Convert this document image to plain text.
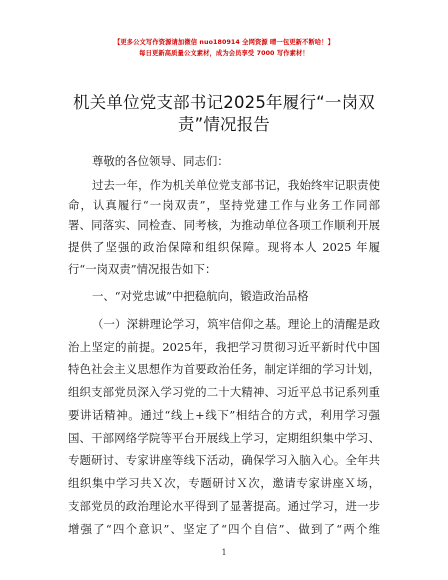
【更多公文写作资源请加微信 nuo180914 全网资源 晴一包更新不断哈！】
每日更新高质量公文素材，成为会员享受 7000 写作素材！
机关单位党支部书记2025年履行“一岗双
责”情况报告
尊敬的各位领导、同志们：
过去一年，作为机关单位党支部书记，我始终牢记职责使
命，认真履行“一岗双责”，坚持党建工作与业务工作同部
署、同落实、同检查、同考核，为推动单位各项工作顺利开展
提供了坚强的政治保障和组织保障。现将本人 2025 年履
行“一岗双责”情况报告如下：
一、“对党忠诚”中把稳航向，锻造政治品格
（一）深耕理论学习，筑牢信仰之基。理论上的清醒是政
治上坚定的前提。2025年，我把学习贯彻习近平新时代中国
特色社会主义思想作为首要政治任务，制定详细的学习计划，
组织支部党员深入学习党的二十大精神、习近平总书记系列重
要讲话精神。通过“线上+线下”相结合的方式，利用学习强
国、干部网络学院等平台开展线上学习，定期组织集中学习、
专题研讨、专家讲座等线下活动，确保学习入脑入心。全年共
组织集中学习共Ｘ次，专题研讨Ｘ次，邀请专家讲座Ｘ场，
支部党员的政治理论水平得到了显著提高。通过学习，进一步
增强了“四个意识”、坚定了“四个自信”、做到了“两个维
1
